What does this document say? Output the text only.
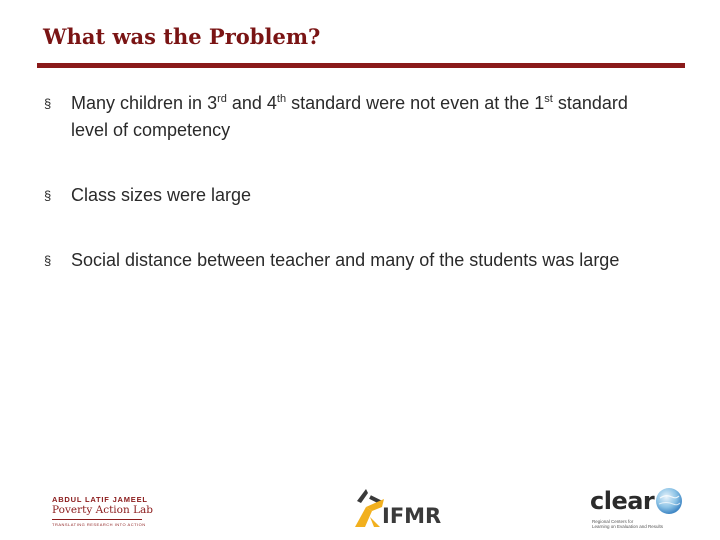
What was the Problem?
§ Many children in 3rd and 4th standard were not even at the 1st standard level of competency
§ Class sizes were large
§ Social distance between teacher and many of the students was large
ABDUL LATIF JAMEEL
Poverty Action Lab
TRANSLATING RESEARCH INTO ACTION	IFMR
clear
Regional Centers for
Learning on Evaluation and Results
